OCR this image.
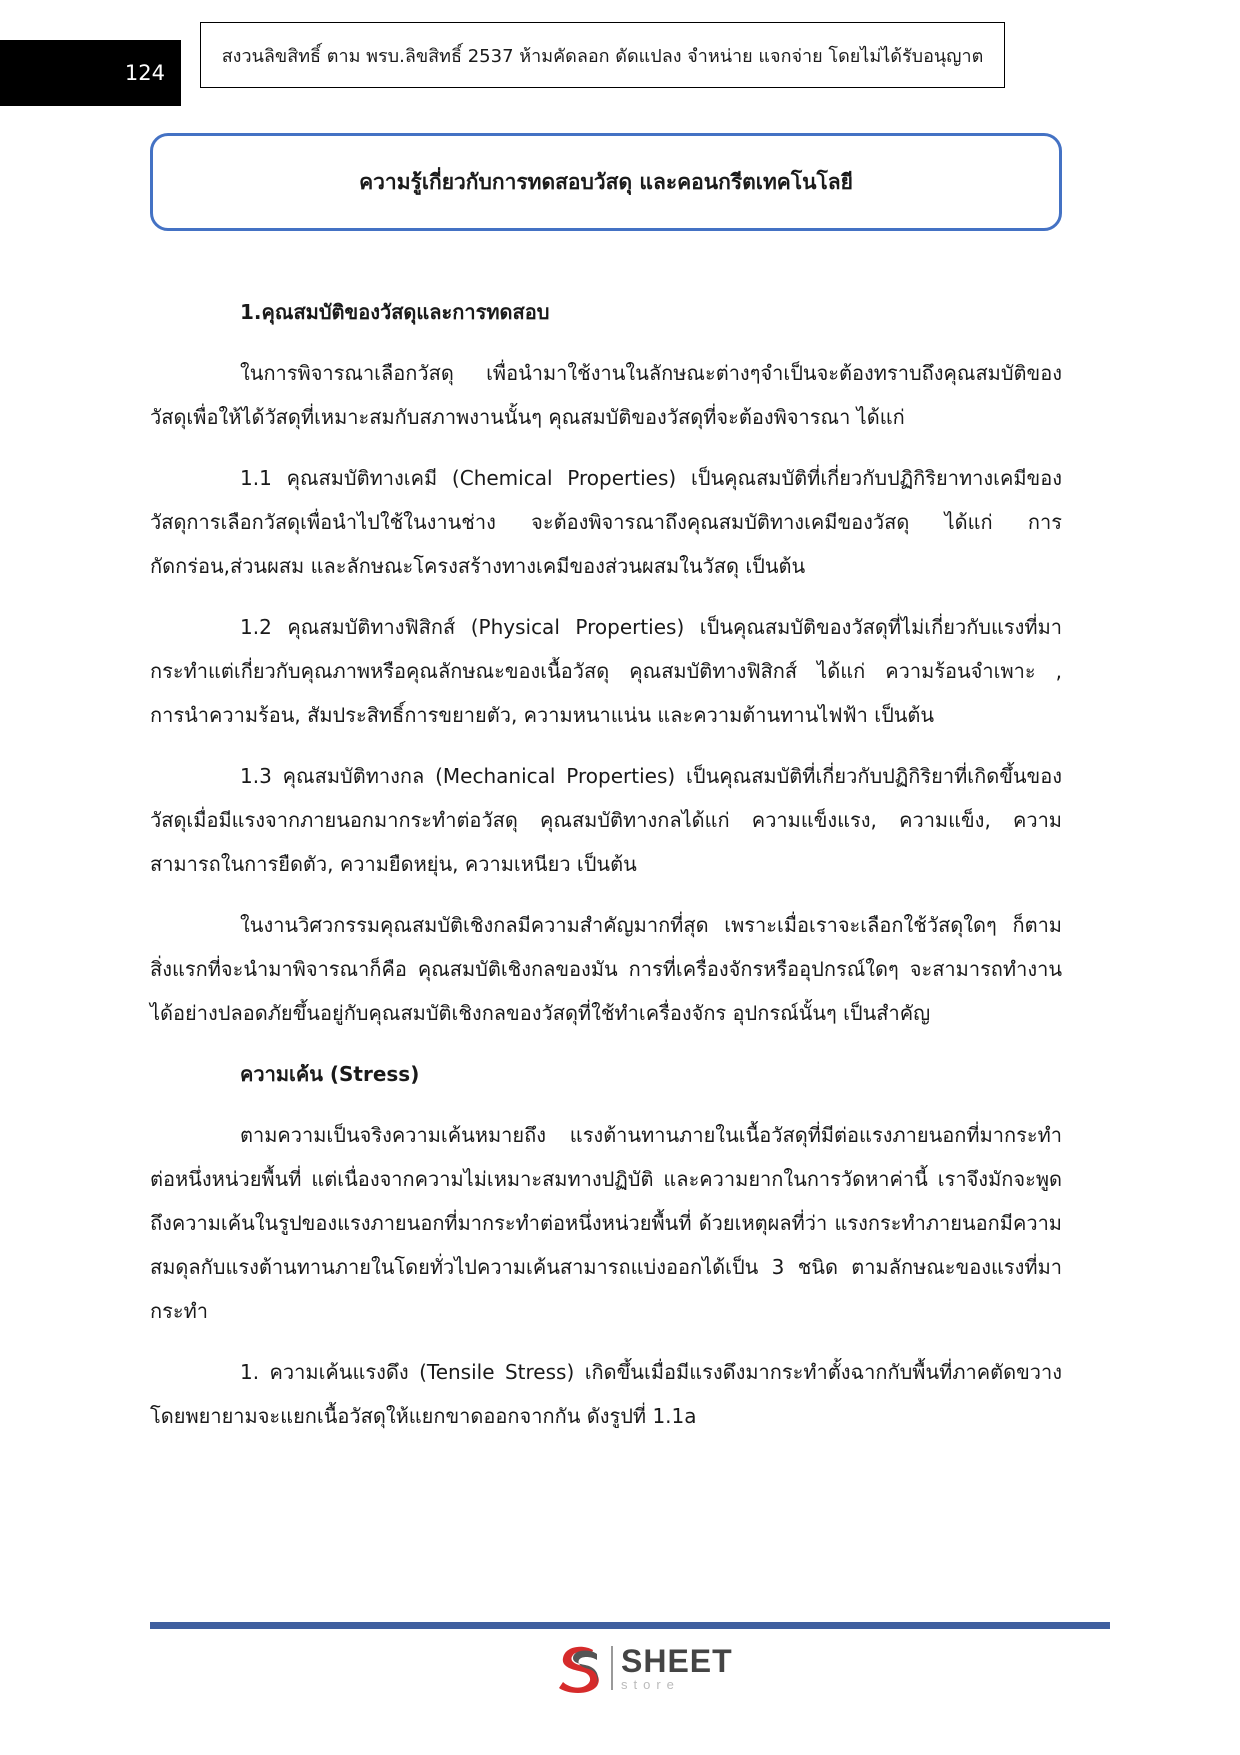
124
สงวนลิขสิทธิ์ ตาม พรบ.ลิขสิทธิ์ 2537 ห้ามคัดลอก ดัดแปลง จำหน่าย แจกจ่าย โดยไม่ได้รับอนุญาต
ความรู้เกี่ยวกับการทดสอบวัสดุ และคอนกรีตเทคโนโลยี
1.คุณสมบัติของวัสดุและการทดสอบ

ในการพิจารณาเลือกวัสดุ เพื่อนำมาใช้งานในลักษณะต่างๆจำเป็นจะต้องทราบถึงคุณสมบัติของวัสดุเพื่อให้ได้วัสดุที่เหมาะสมกับสภาพงานนั้นๆ คุณสมบัติของวัสดุที่จะต้องพิจารณา ได้แก่

1.1 คุณสมบัติทางเคมี (Chemical Properties) เป็นคุณสมบัติที่เกี่ยวกับปฏิกิริยาทางเคมีของวัสดุการเลือกวัสดุเพื่อนำไปใช้ในงานช่าง จะต้องพิจารณาถึงคุณสมบัติทางเคมีของวัสดุ ได้แก่ การกัดกร่อน,ส่วนผสม และลักษณะโครงสร้างทางเคมีของส่วนผสมในวัสดุ เป็นต้น

1.2 คุณสมบัติทางฟิสิกส์ (Physical Properties) เป็นคุณสมบัติของวัสดุที่ไม่เกี่ยวกับแรงที่มากระทำแต่เกี่ยวกับคุณภาพหรือคุณลักษณะของเนื้อวัสดุ คุณสมบัติทางฟิสิกส์ ได้แก่ ความร้อนจำเพาะ , การนำความร้อน, สัมประสิทธิ์การขยายตัว, ความหนาแน่น และความต้านทานไฟฟ้า เป็นต้น

1.3 คุณสมบัติทางกล (Mechanical Properties) เป็นคุณสมบัติที่เกี่ยวกับปฏิกิริยาที่เกิดขึ้นของวัสดุเมื่อมีแรงจากภายนอกมากระทำต่อวัสดุ คุณสมบัติทางกลได้แก่ ความแข็งแรง, ความแข็ง, ความสามารถในการยืดตัว, ความยืดหยุ่น, ความเหนียว เป็นต้น

ในงานวิศวกรรมคุณสมบัติเชิงกลมีความสำคัญมากที่สุด เพราะเมื่อเราจะเลือกใช้วัสดุใดๆ ก็ตามสิ่งแรกที่จะนำมาพิจารณาก็คือ คุณสมบัติเชิงกลของมัน การที่เครื่องจักรหรืออุปกรณ์ใดๆ จะสามารถทำงานได้อย่างปลอดภัยขึ้นอยู่กับคุณสมบัติเชิงกลของวัสดุที่ใช้ทำเครื่องจักร อุปกรณ์นั้นๆ เป็นสำคัญ

ความเค้น (Stress)

ตามความเป็นจริงความเค้นหมายถึง แรงต้านทานภายในเนื้อวัสดุที่มีต่อแรงภายนอกที่มากระทำต่อหนึ่งหน่วยพื้นที่ แต่เนื่องจากความไม่เหมาะสมทางปฏิบัติ และความยากในการวัดหาค่านี้ เราจึงมักจะพูดถึงความเค้นในรูปของแรงภายนอกที่มากระทำต่อหนึ่งหน่วยพื้นที่ ด้วยเหตุผลที่ว่า แรงกระทำภายนอกมีความสมดุลกับแรงต้านทานภายในโดยทั่วไปความเค้นสามารถแบ่งออกได้เป็น 3 ชนิด ตามลักษณะของแรงที่มากระทำ

1. ความเค้นแรงดึง (Tensile Stress) เกิดขึ้นเมื่อมีแรงดึงมากระทำตั้งฉากกับพื้นที่ภาคตัดขวางโดยพยายามจะแยกเนื้อวัสดุให้แยกขาดออกจากกัน ดังรูปที่ 1.1a

SHEET
store
